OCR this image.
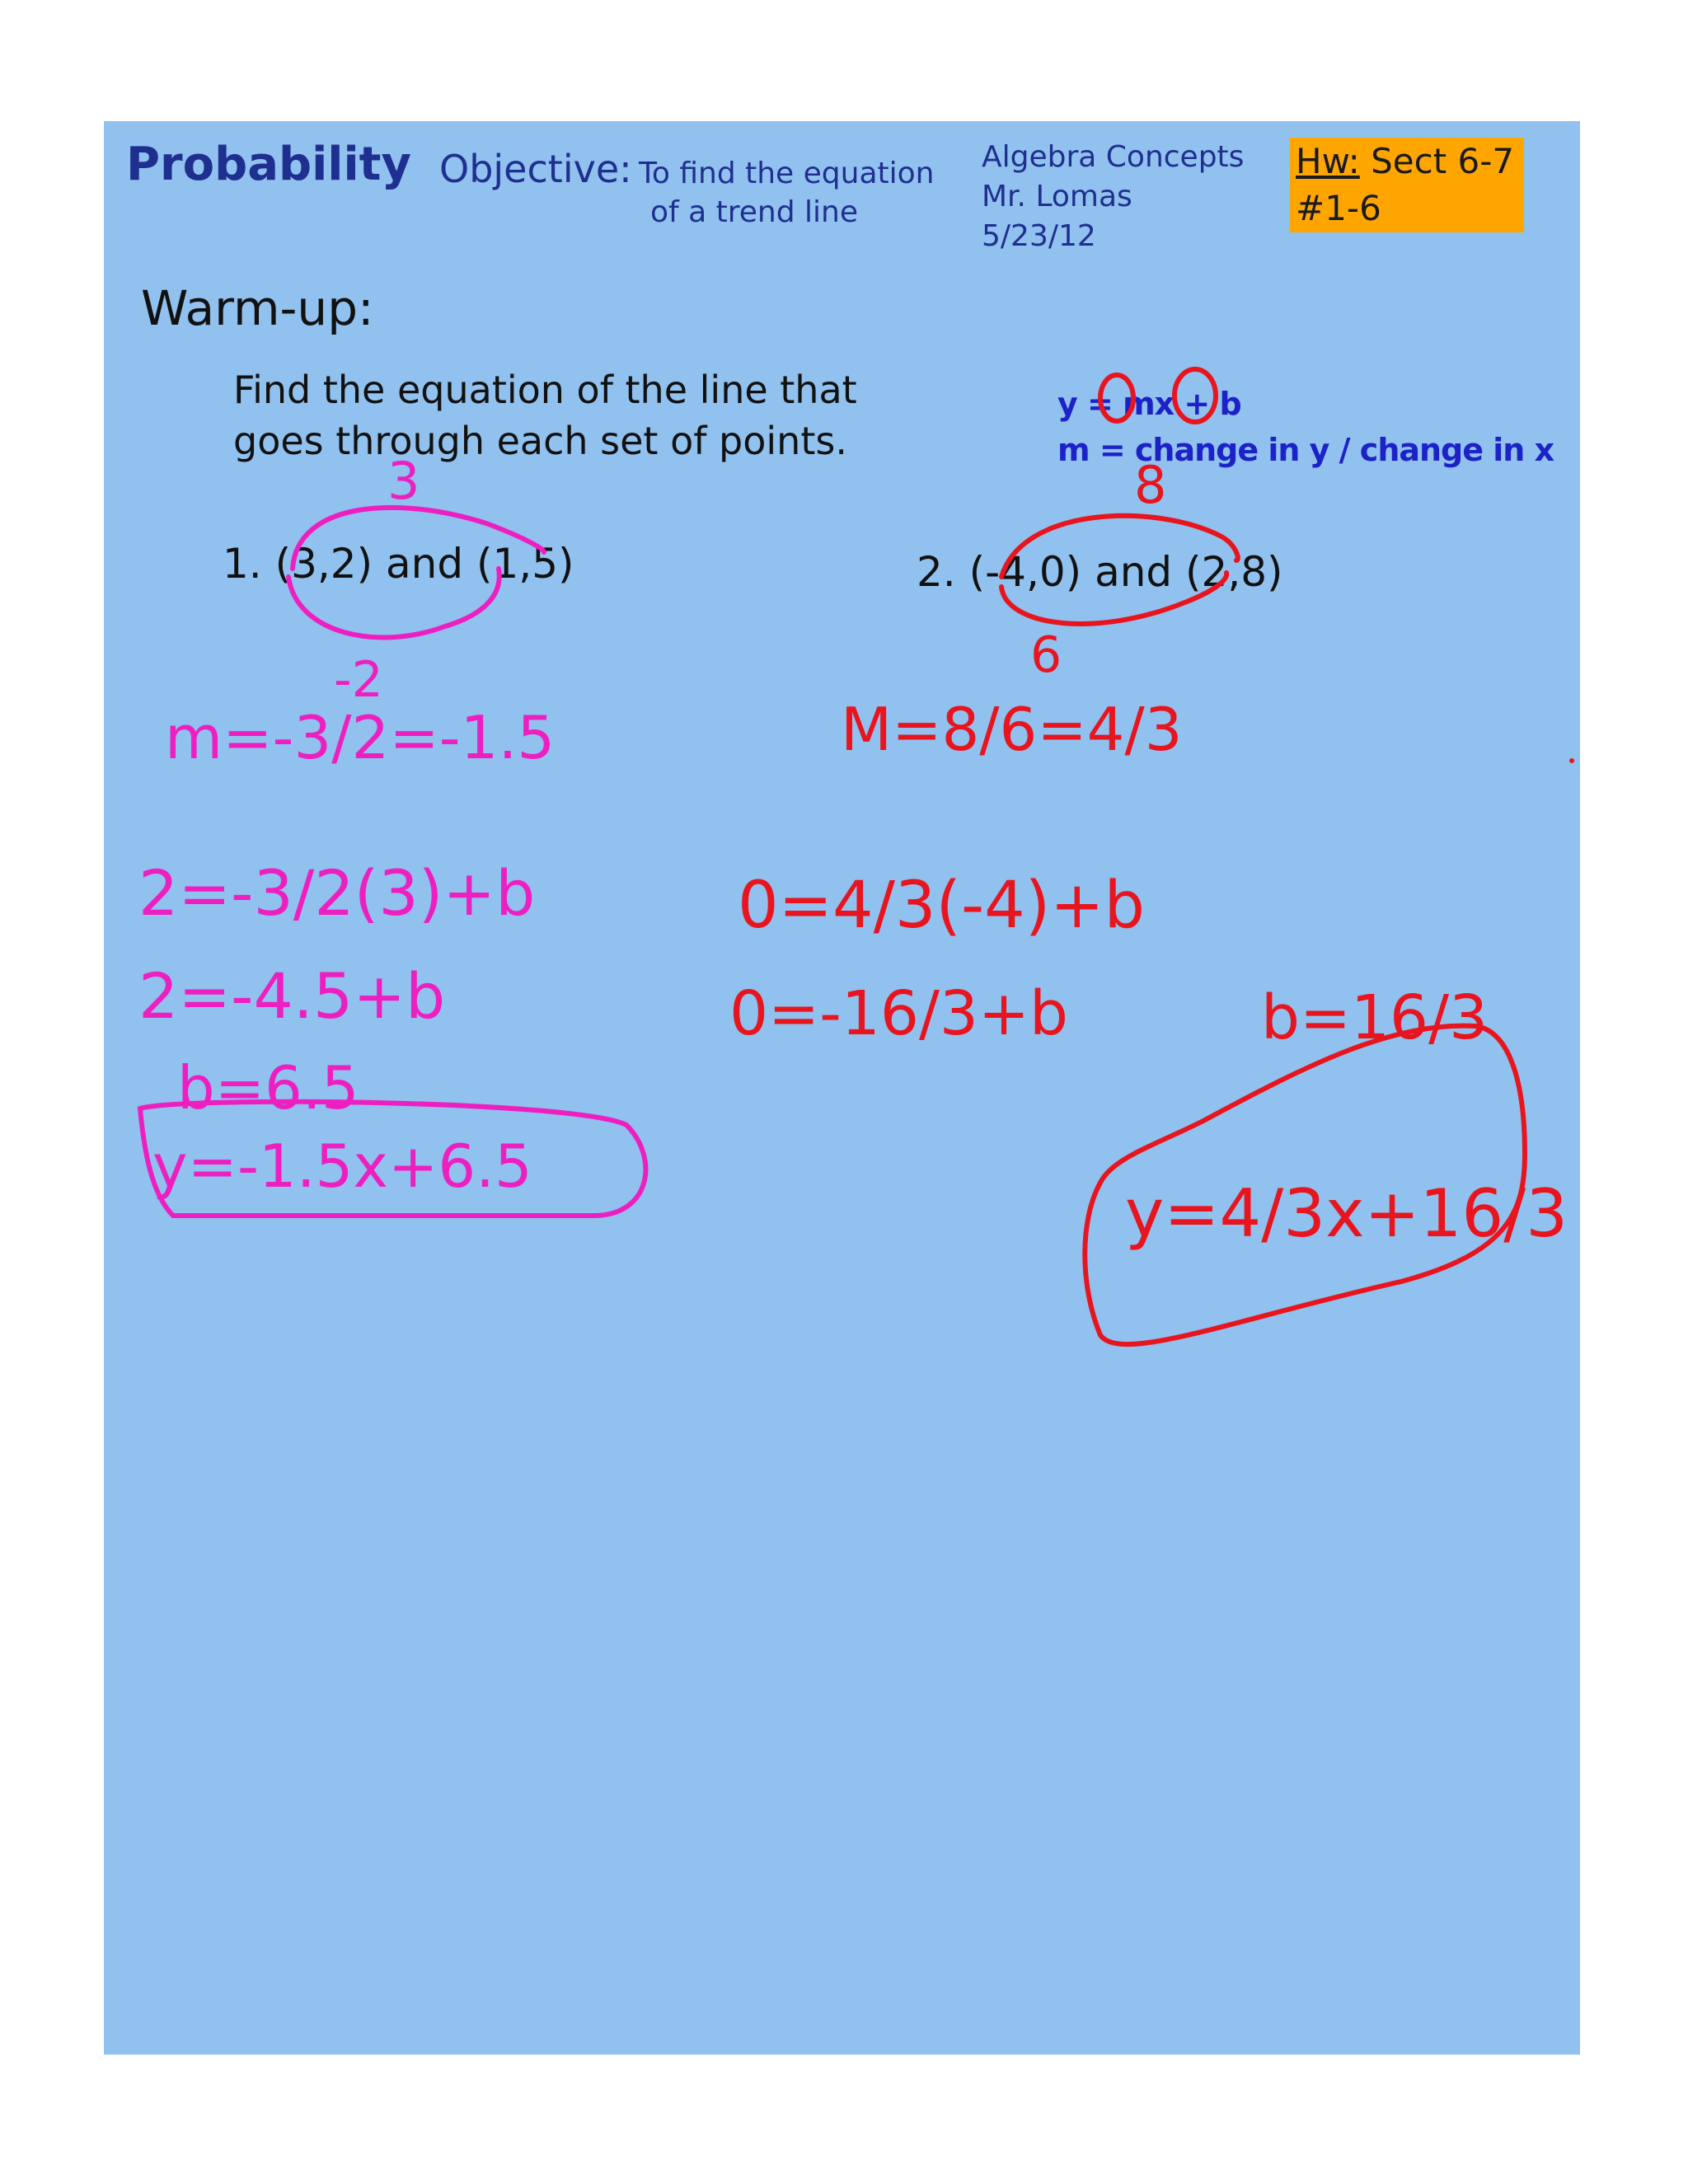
Probability Objective: To find the equation
of a trend line
Algebra Concepts
Mr. Lomas
5/23/12
Hw: Sect 6-7
#1-6
Warm-up:
Find the equation of the line that
goes through each set of points.
y = mx + b
m = change in y / change in x
1. (3,2) and (1,5)	2. (-4,0) and (2,8)
3
-2
m=-3/2=-1.5
2=-3/2(3)+b
2=-4.5+b
b=6.5
y=-1.5x+6.5
8
6
M=8/6=4/3
0=4/3(-4)+b
0=-16/3+b	b=16/3
y=4/3x+16/3
